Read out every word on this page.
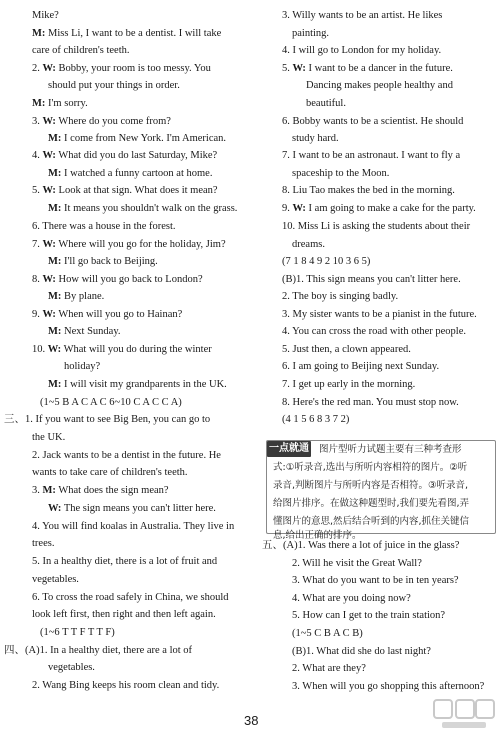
Mike?
M: Miss Li, I want to be a dentist. I will take
care of children's teeth.
2. W: Bobby, your room is too messy. You
should put your things in order.
M: I'm sorry.
3. W: Where do you come from?
M: I come from New York. I'm American.
4. W: What did you do last Saturday, Mike?
M: I watched a funny cartoon at home.
5. W: Look at that sign. What does it mean?
M: It means you shouldn't walk on the grass.
6. There was a house in the forest.
7. W: Where will you go for the holiday, Jim?
M: I'll go back to Beijing.
8. W: How will you go back to London?
M: By plane.
9. W: When will you go to Hainan?
M: Next Sunday.
10. W: What will you do during the winter
holiday?
M: I will visit my grandparents in the UK.
(1~5 B A C A C 6~10 C A C C A)
三、1. If you want to see Big Ben, you can go to
the UK.
2. Jack wants to be a dentist in the future. He
wants to take care of children's teeth.
3. M: What does the sign mean?
W: The sign means you can't litter here.
4. You will find koalas in Australia. They live in
trees.
5. In a healthy diet, there is a lot of fruit and
vegetables.
6. To cross the road safely in China, we should
look left first, then right and then left again.
(1~6 T T F T T F)
四、(A)1. In a healthy diet, there are a lot of
vegetables.
2. Wang Bing keeps his room clean and tidy.
一点就通 图片型听力试题主要有三种考查形
式:①听录音,选出与所听内容相符的图片。②听
录音,判断图片与所听内容是否相符。③听录音,
给图片排序。在做这种题型时,我们要先看图,弄
懂图片的意思,然后结合听到的内容,抓住关键信
息,给出正确的排序。
3. Willy wants to be an artist. He likes
painting.
4. I will go to London for my holiday.
5. W: I want to be a dancer in the future.
Dancing makes people healthy and
beautiful.
6. Bobby wants to be a scientist. He should
study hard.
7. I want to be an astronaut. I want to fly a
spaceship to the Moon.
8. Liu Tao makes the bed in the morning.
9. W: I am going to make a cake for the party.
10. Miss Li is asking the students about their
dreams.
(7 1 8 4 9 2 10 3 6 5)
(B)1. This sign means you can't litter here.
2. The boy is singing badly.
3. My sister wants to be a pianist in the future.
4. You can cross the road with other people.
5. Just then, a clown appeared.
6. I am going to Beijing next Sunday.
7. I get up early in the morning.
8. Here's the red man. You must stop now.
(4 1 5 6 8 3 7 2)
五、(A)1. Was there a lot of juice in the glass?
2. Will he visit the Great Wall?
3. What do you want to be in ten years?
4. What are you doing now?
5. How can I get to the train station?
(1~5 C B A C B)
(B)1. What did she do last night?
2. What are they?
3. When will you go shopping this afternoon?
38
